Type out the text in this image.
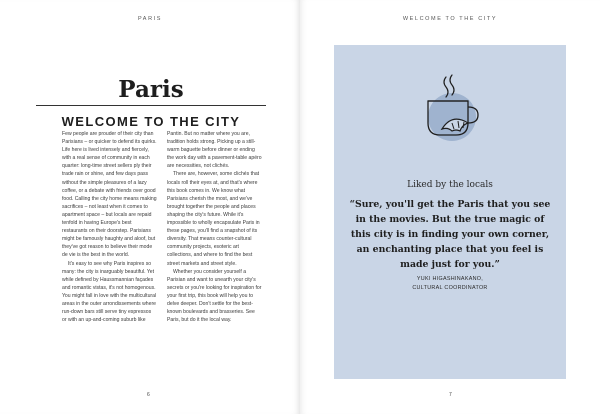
PARIS
Paris
WELCOME TO THE CITY

Few people are prouder of their city than Parisians – or quicker to defend its quirks. Life here is lived intensely and fiercely, with a real sense of community in each quarter: long-time street sellers ply their trade rain or shine, and few days pass without the simple pleasures of a lazy coffee, or a debate with friends over good food. Calling the city home means making sacrifices – not least when it comes to apartment space – but locals are repaid tenfold in having Europe's best restaurants on their doorstep. Parisians might be famously haughty and aloof, but they've got reason to believe their mode de vie is the best in the world.

It's easy to see why Paris inspires so many: the city is inarguably beautiful. Yet while defined by Haussmannian façades and romantic vistas, it's not homogenous. You might fall in love with the multicultural areas in the outer arrondissements where run-down bars still serve tiny espressos or with an up-and-coming suburb like

Pantin. But no matter where you are, tradition holds strong. Picking up a still-warm baguette before dinner or ending the work day with a pavement-table apéro are necessities, not clichés.

There are, however, some clichés that locals roll their eyes at, and that's where this book comes in. We know what Parisians cherish the most, and we've brought together the people and places shaping the city's future. While it's impossible to wholly encapsulate Paris in these pages, you'll find a snapshot of its diversity. That means counter-cultural community projects, esoteric art collections, and where to find the best street markets and street style.

Whether you consider yourself a Parisian and want to unearth your city's secrets or you're looking for inspiration for your first trip, this book will help you to delve deeper. Don't settle for the best-known boulevards and brasseries. See Paris, but do it the local way.

6
WELCOME TO THE CITY
Liked by the locals
“Sure, you'll get the Paris that you see in the movies. But the true magic of this city is in finding your own corner, an enchanting place that you feel is made just for you.”
YUKI HIGASHINAKANO,
CULTURAL COORDINATOR
7
